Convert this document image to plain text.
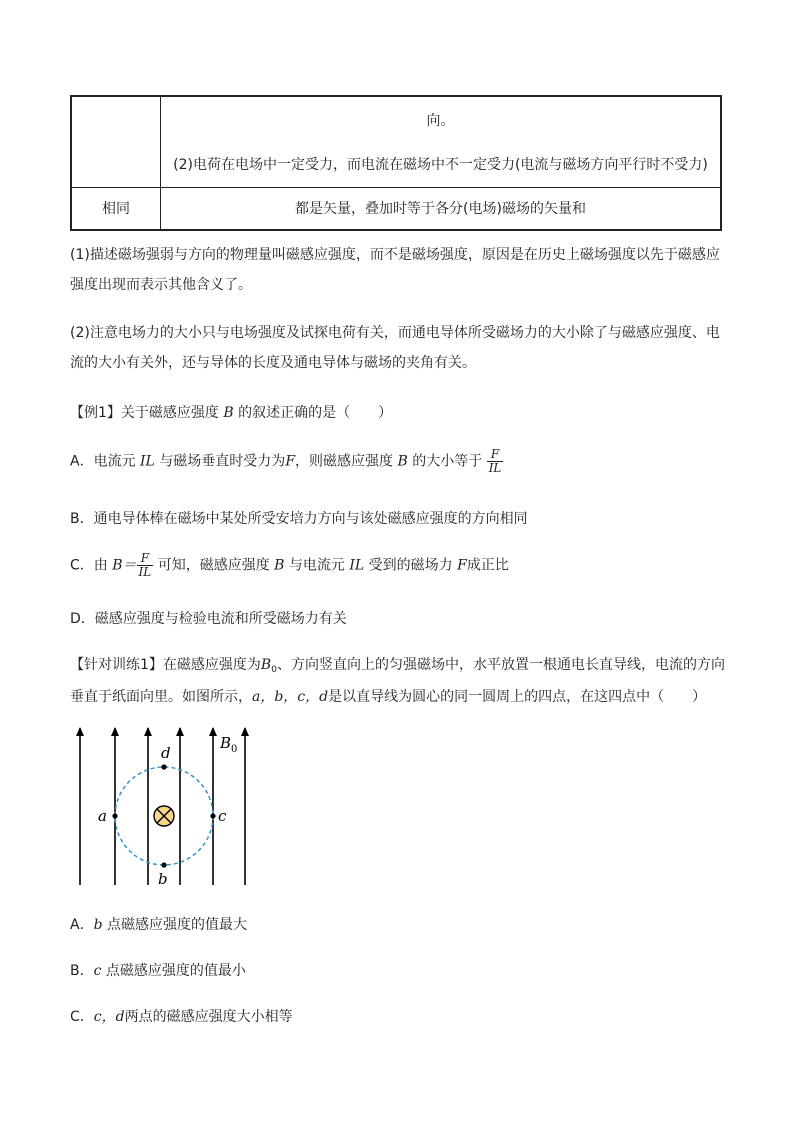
	向。
(2)电荷在电场中一定受力，而电流在磁场中不一定受力(电流与磁场方向平行时不受力)

相同	都是矢量，叠加时等于各分(电场)磁场的矢量和
(1)描述磁场强弱与方向的物理量叫磁感应强度，而不是磁场强度，原因是在历史上磁场强度以先于磁感应
强度出现而表示其他含义了。
(2)注意电场力的大小只与电场强度及试探电荷有关，而通电导体所受磁场力的大小除了与磁感应强度、电
流的大小有关外，还与导体的长度及通电导体与磁场的夹角有关。
【例1】关于磁感应强度 B 的叙述正确的是（　　）
A．电流元 IL 与磁场垂直时受力为F，则磁感应强度 B 的大小等于 $\frac{F}{IL}$
B．通电导体棒在磁场中某处所受安培力方向与该处磁感应强度的方向相同
C．由 $B= \frac{F}{IL}$ 可知，磁感应强度 B 与电流元 IL 受到的磁场力 F成正比
D．磁感应强度与检验电流和所受磁场力有关
【针对训练1】在磁感应强度为$B_0$、方向竖直向上的匀强磁场中，水平放置一根通电长直导线，电流的方向
垂直于纸面向里。如图所示，a，b，c，d是以直导线为圆心的同一圆周上的四点，在这四点中（　　）
d
b
a	c
$B_0$
A．b 点磁感应强度的值最大
B．c 点磁感应强度的值最小
C．c，d两点的磁感应强度大小相等
